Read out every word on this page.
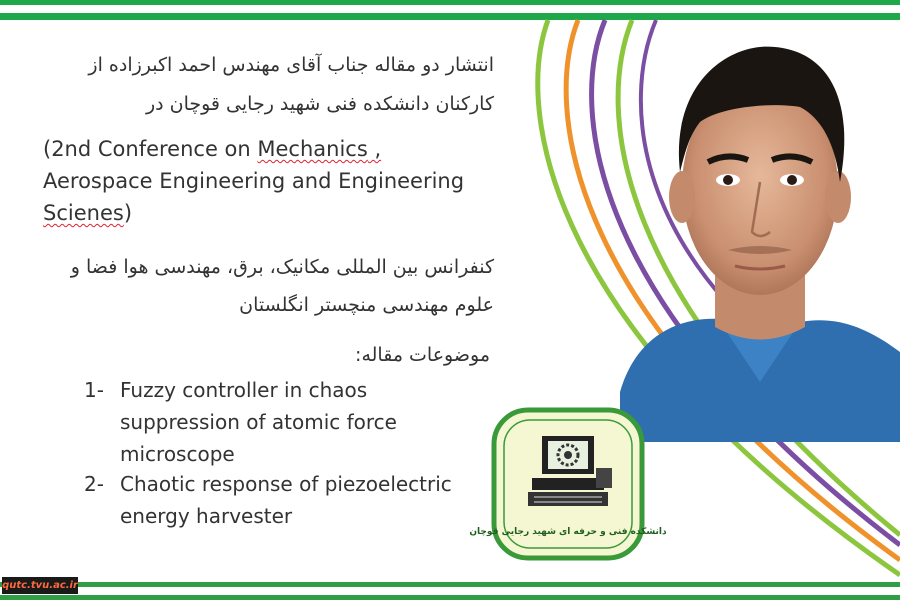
انتشار دو مقاله جناب آقای مهندس احمد اکبرزاده از
کارکنان دانشکده فنی شهید رجایی قوچان در
(2nd Conference on Mechanics ,
Aerospace Engineering and Engineering
Scienes)
کنفرانس بین المللی مکانیک، برق، مهندسی هوا فضا و
علوم مهندسی منچستر انگلستان
موضوعات مقاله:
1- Fuzzy controller in chaos
suppression of atomic force
microscope
2- Chaotic response of piezoelectric
energy harvester
دانشکده فنی و حرفه ای شهید رجایی قوچان
qutc.tvu.ac.ir
